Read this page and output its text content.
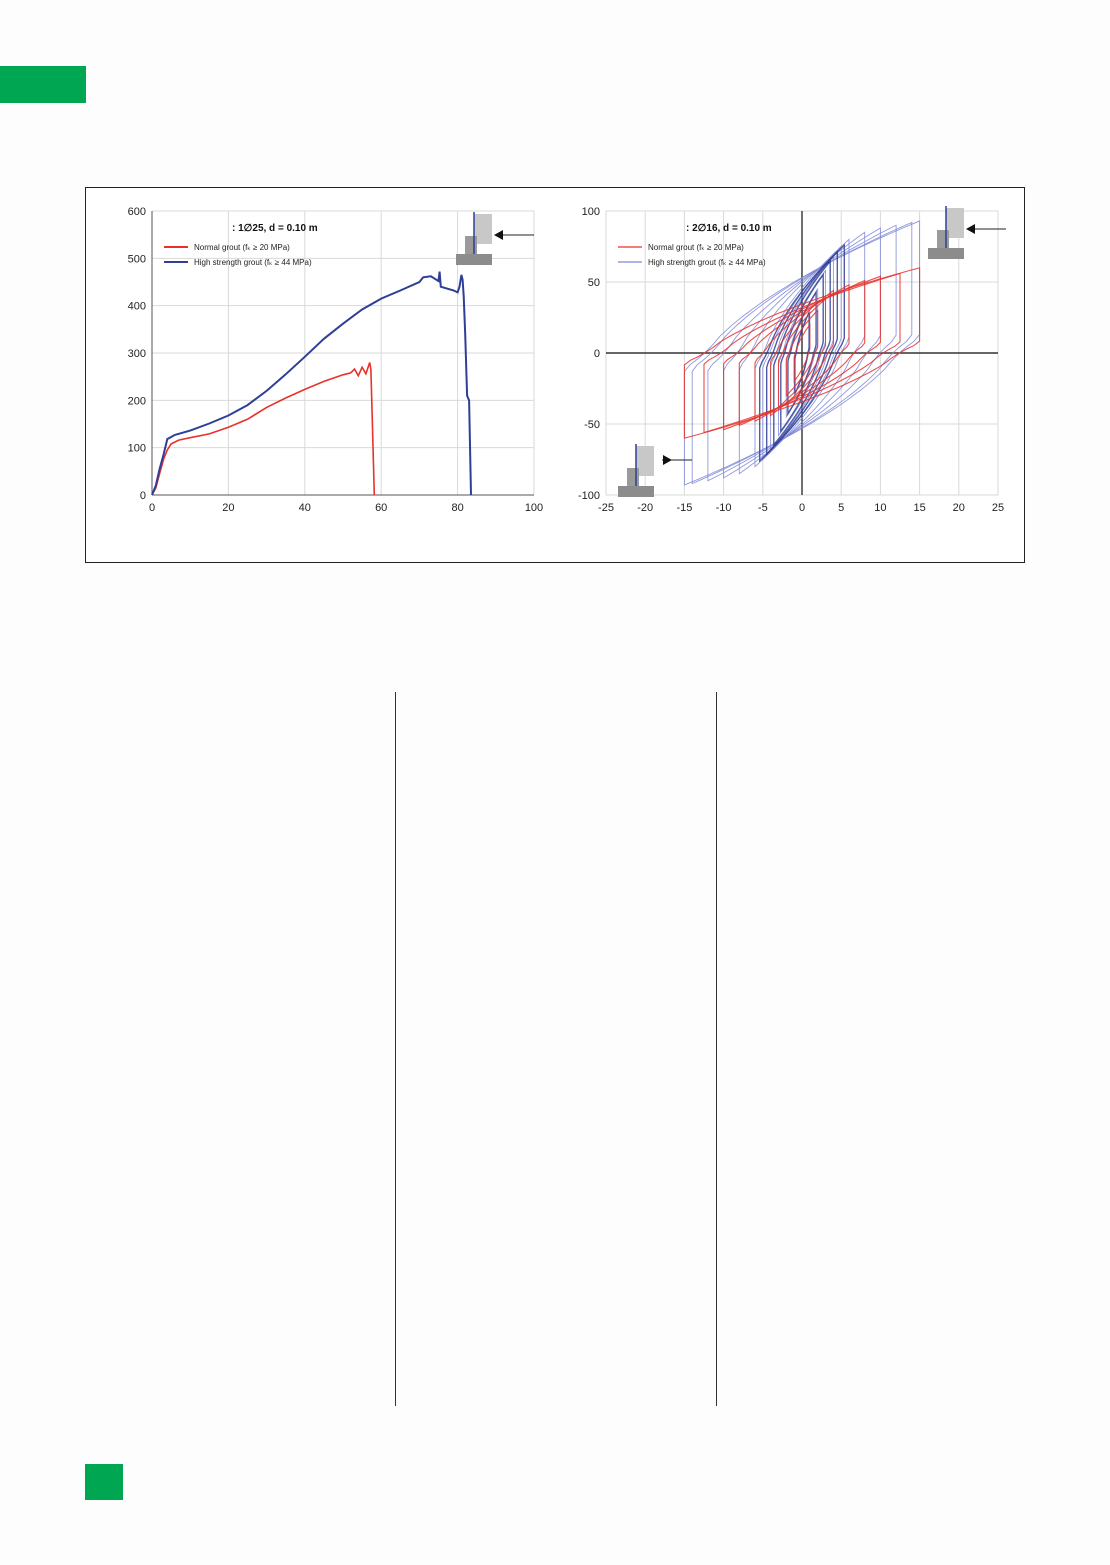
0	20	40	60	80	100
0
100
200
300
400
500
600
: 1∅25, d = 0.10 m
Normal grout (fₖ ≥ 20 MPa)
High strength grout (fₖ ≥ 44 MPa)
-25 -20 -15 -10 -5	0	5	10 15 20 25
-100
-50
0
50
100
: 2∅16, d = 0.10 m
Normal grout (fₖ ≥ 20 MPa)
High strength grout (fₖ ≥ 44 MPa)
